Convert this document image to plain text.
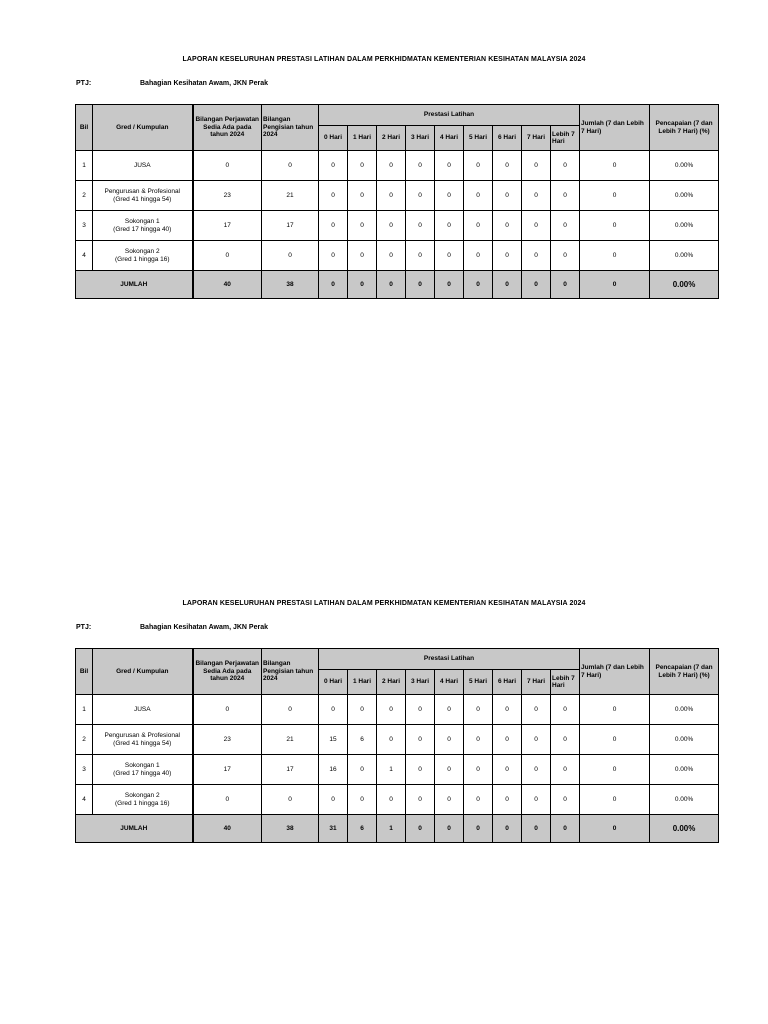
LAPORAN KESELURUHAN PRESTASI LATIHAN DALAM PERKHIDMATAN KEMENTERIAN KESIHATAN MALAYSIA 2024
PTJ:	Bahagian Kesihatan Awam, JKN Perak
Bil	Gred / Kumpulan	Bilangan Perjawatan Sedia Ada pada tahun 2024	Bilangan Pengisian tahun 2024	Prestasi Latihan									Jumlah (7 dan Lebih 7 Hari)	Pencapaian (7 dan Lebih 7 Hari) (%)
				0 Hari	1 Hari	2 Hari	3 Hari	4 Hari	5 Hari	6 Hari	7 Hari	Lebih 7 Hari		
1	JUSA	0	0	0	0	0	0	0	0	0	0	0	0	0.00%
2	Pengurusan & Profesional
(Gred 41 hingga 54)	23	21	0	0	0	0	0	0	0	0	0	0	0.00%
3	Sokongan 1
(Gred 17 hingga 40)	17	17	0	0	0	0	0	0	0	0	0	0	0.00%
4	Sokongan 2
(Gred 1 hingga 16)	0	0	0	0	0	0	0	0	0	0	0	0	0.00%
JUMLAH		40	38	0	0	0	0	0	0	0	0	0	0	0.00%
LAPORAN KESELURUHAN PRESTASI LATIHAN DALAM PERKHIDMATAN KEMENTERIAN KESIHATAN MALAYSIA 2024
PTJ:	Bahagian Kesihatan Awam, JKN Perak
Bil	Gred / Kumpulan	Bilangan Perjawatan Sedia Ada pada tahun 2024	Bilangan Pengisian tahun 2024	Prestasi Latihan									Jumlah (7 dan Lebih 7 Hari)	Pencapaian (7 dan Lebih 7 Hari) (%)
				0 Hari	1 Hari	2 Hari	3 Hari	4 Hari	5 Hari	6 Hari	7 Hari	Lebih 7 Hari		
1	JUSA	0	0	0	0	0	0	0	0	0	0	0	0	0.00%
2	Pengurusan & Profesional
(Gred 41 hingga 54)	23	21	15	6	0	0	0	0	0	0	0	0	0.00%
3	Sokongan 1
(Gred 17 hingga 40)	17	17	16	0	1	0	0	0	0	0	0	0	0.00%
4	Sokongan 2
(Gred 1 hingga 16)	0	0	0	0	0	0	0	0	0	0	0	0	0.00%
JUMLAH		40	38	31	6	1	0	0	0	0	0	0	0	0.00%
